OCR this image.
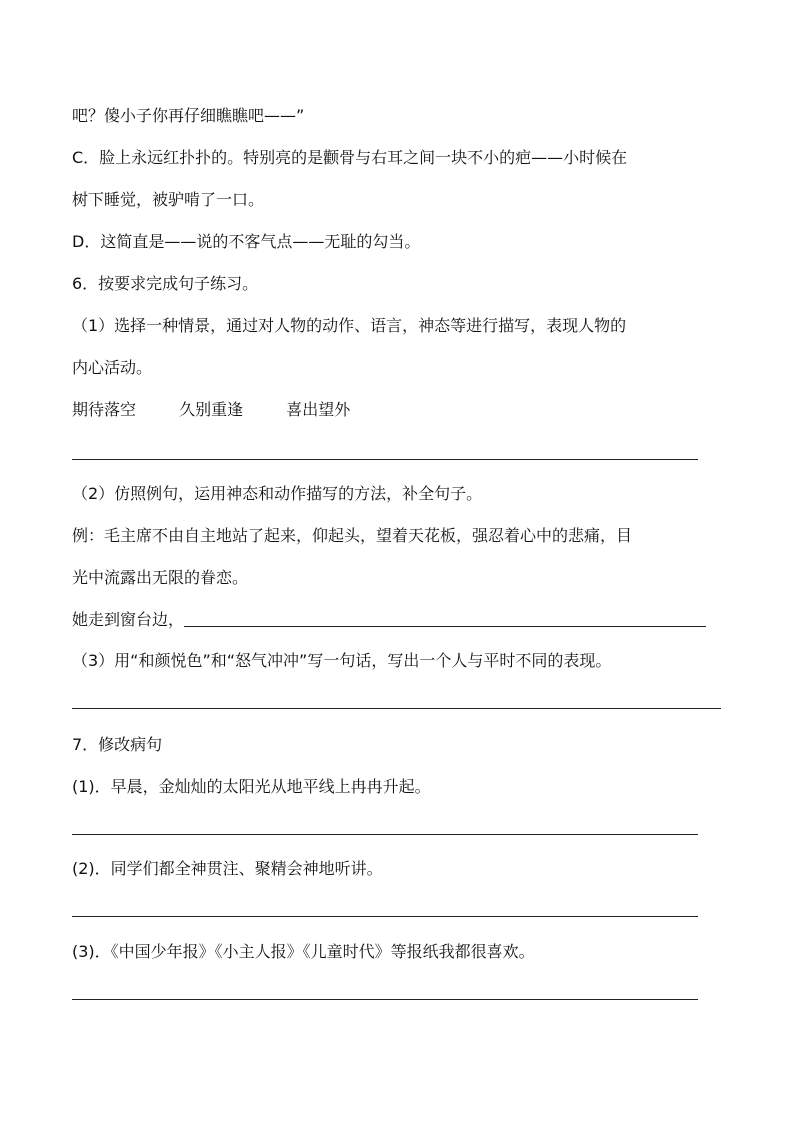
吧？傻小子你再仔细瞧瞧吧——”
C．脸上永远红扑扑的。特别亮的是颧骨与右耳之间一块不小的疤——小时候在
树下睡觉，被驴啃了一口。
D．这简直是——说的不客气点——无耻的勾当。
6．按要求完成句子练习。
（1）选择一种情景，通过对人物的动作、语言，神态等进行描写，表现人物的
内心活动。
期待落空	久别重逢	喜出望外
（2）仿照例句，运用神态和动作描写的方法，补全句子。
例：毛主席不由自主地站了起来，仰起头，望着天花板，强忍着心中的悲痛，目
光中流露出无限的眷恋。
她走到窗台边，
（3）用“和颜悦色”和“怒气冲冲”写一句话，写出一个人与平时不同的表现。
7．修改病句
(1)．早晨，金灿灿的太阳光从地平线上冉冉升起。
(2)．同学们都全神贯注、聚精会神地听讲。
(3)．《中国少年报》《小主人报》《儿童时代》等报纸我都很喜欢。
